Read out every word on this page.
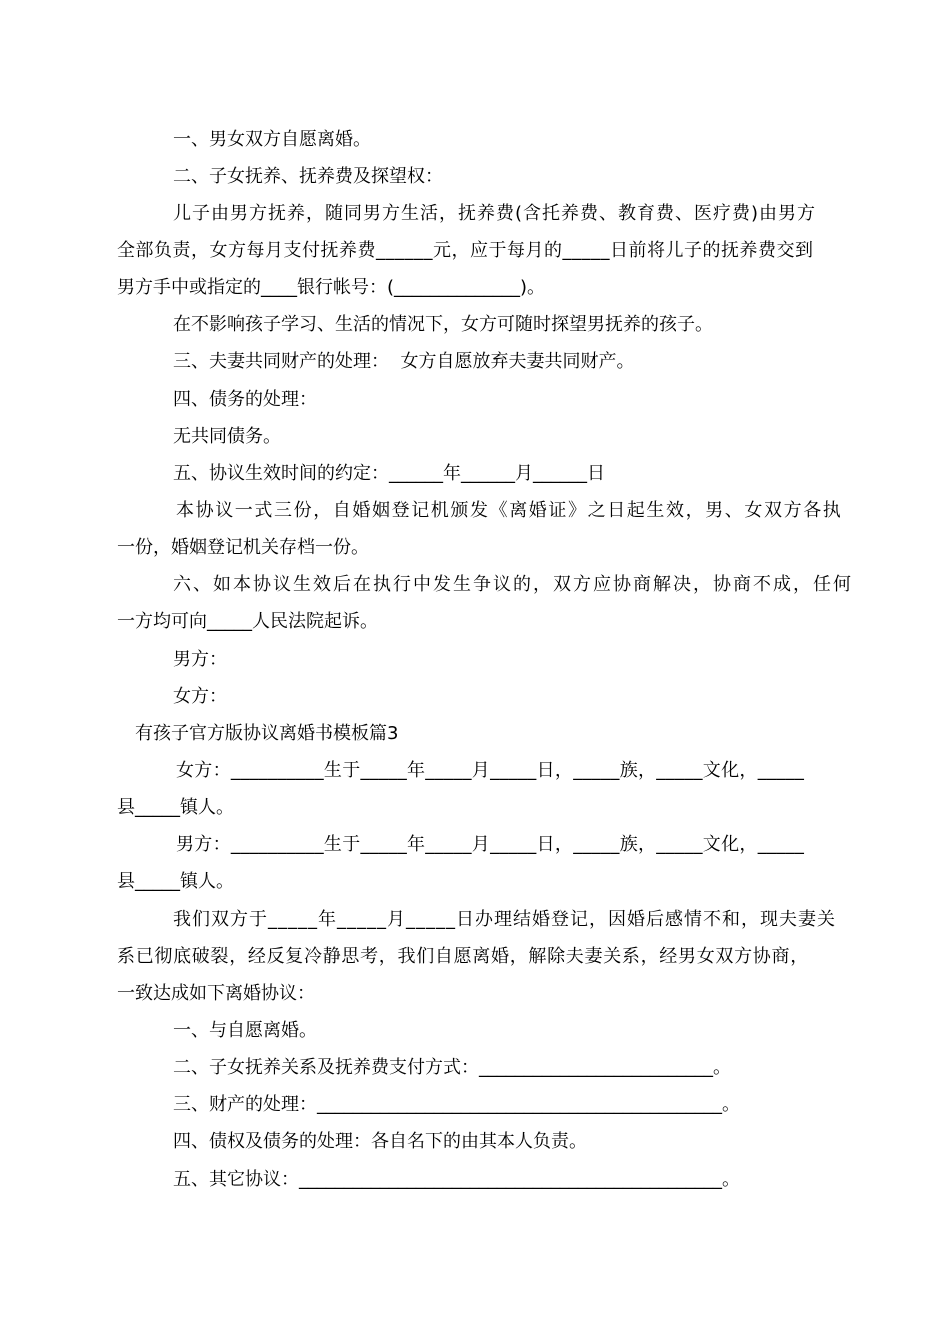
一、男女双方自愿离婚。
二、子女抚养、抚养费及探望权：
儿子由男方抚养，随同男方生活，抚养费(含托养费、教育费、医疗费)由男方
全部负责，女方每月支付抚养费______元，应于每月的_____日前将儿子的抚养费交到
男方手中或指定的____银行帐号：(______________)。
在不影响孩子学习、生活的情况下，女方可随时探望男抚养的孩子。
三、夫妻共同财产的处理：  女方自愿放弃夫妻共同财产。
四、债务的处理：
无共同债务。
五、协议生效时间的约定：______年______月______日
本协议一式三份，自婚姻登记机颁发《离婚证》之日起生效，男、女双方各执
一份，婚姻登记机关存档一份。
六、如本协议生效后在执行中发生争议的，双方应协商解决，协商不成，任何
一方均可向_____人民法院起诉。
男方：
女方：
有孩子官方版协议离婚书模板篇3
女方：__________生于_____年_____月_____日，_____族，_____文化，_____
县_____镇人。
男方：__________生于_____年_____月_____日，_____族，_____文化，_____
县_____镇人。
我们双方于_____年_____月_____日办理结婚登记，因婚后感情不和，现夫妻关
系已彻底破裂，经反复冷静思考，我们自愿离婚，解除夫妻关系，经男女双方协商，
一致达成如下离婚协议：
一、与自愿离婚。
二、子女抚养关系及抚养费支付方式：__________________________。
三、财产的处理：_____________________________________________。
四、债权及债务的处理：各自名下的由其本人负责。
五、其它协议：_______________________________________________。
